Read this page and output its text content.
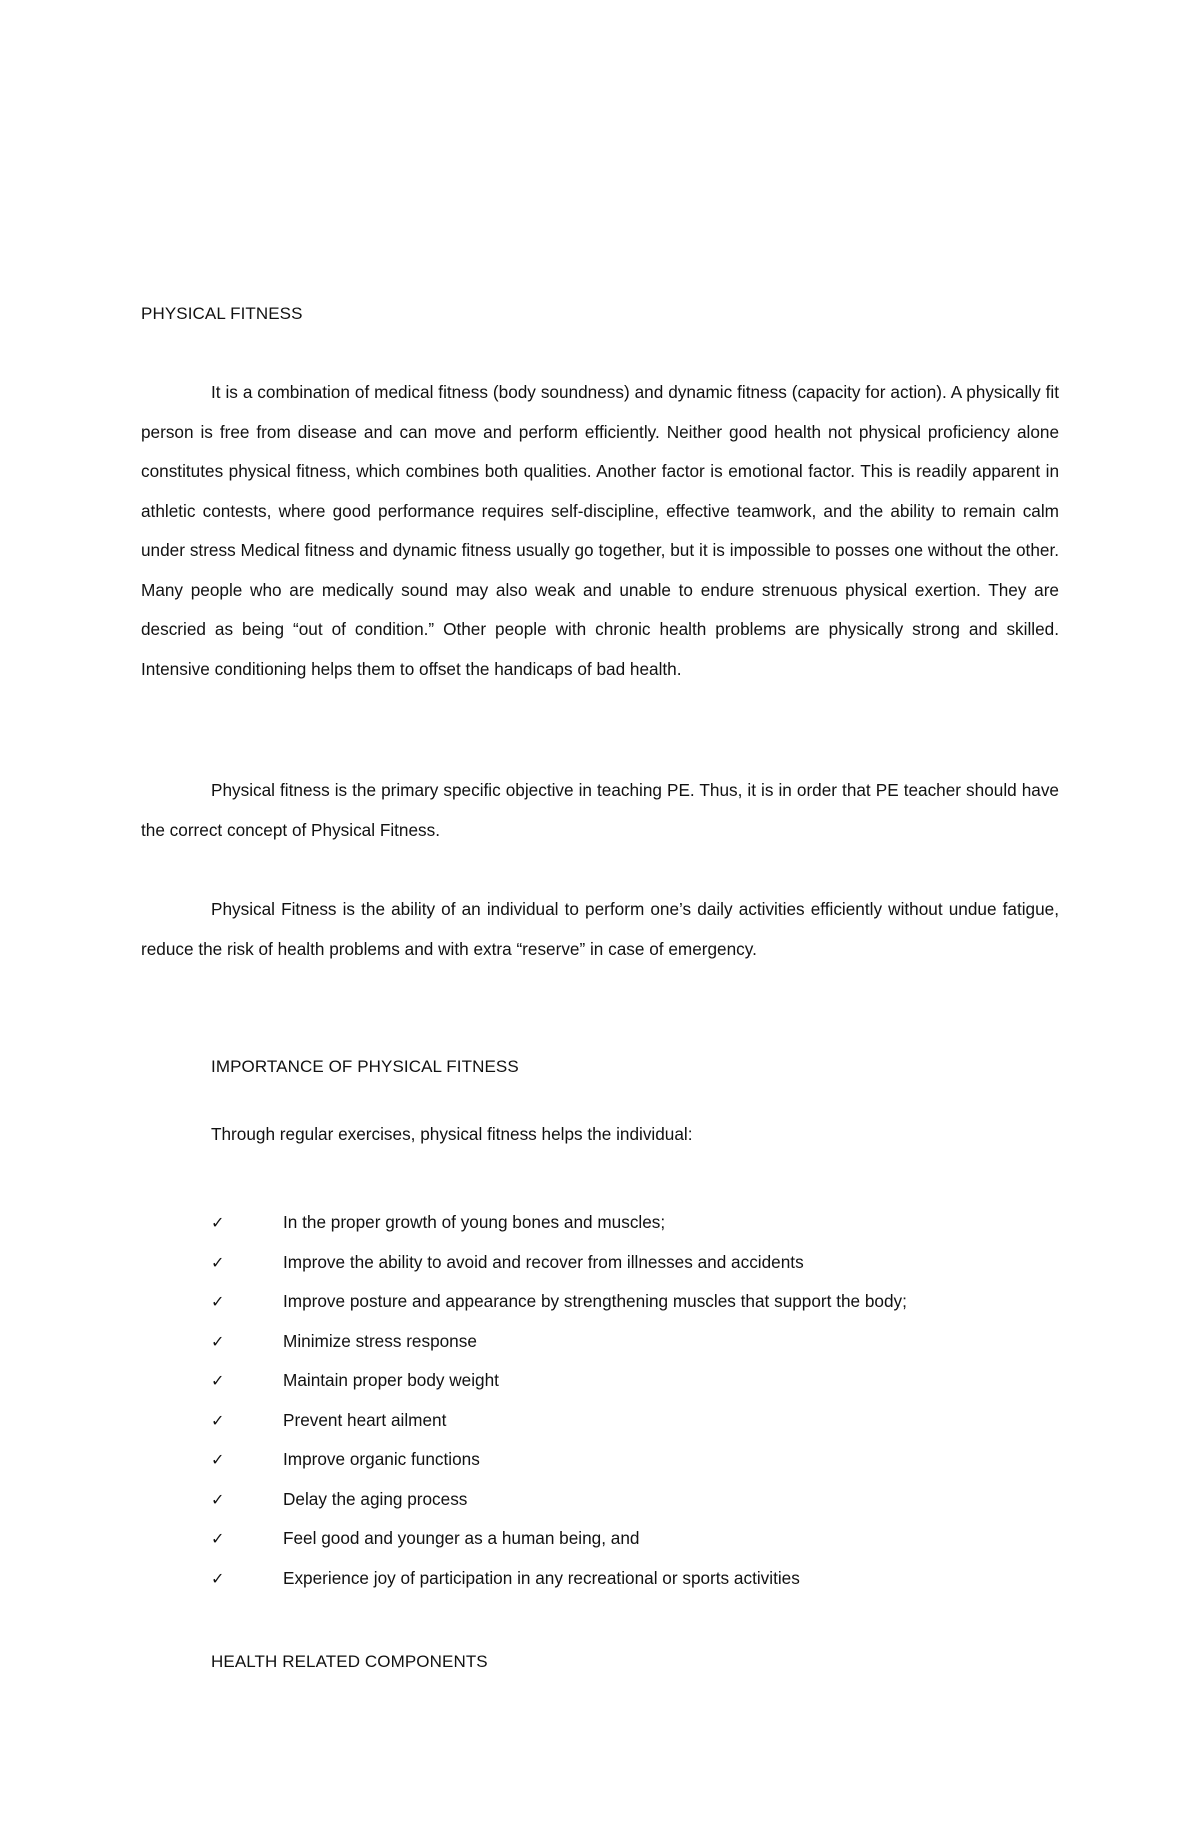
PHYSICAL FITNESS

It is a combination of medical fitness (body soundness) and dynamic fitness (capacity for action). A physically fit person is free from disease and can move and perform efficiently. Neither good health not physical proficiency alone constitutes physical fitness, which combines both qualities. Another factor is emotional factor. This is readily apparent in athletic contests, where good performance requires self-discipline, effective teamwork, and the ability to remain calm under stress Medical fitness and dynamic fitness usually go together, but it is impossible to posses one without the other. Many people who are medically sound may also weak and unable to endure strenuous physical exertion. They are descried as being “out of condition.” Other people with chronic health problems are physically strong and skilled. Intensive conditioning helps them to offset the handicaps of bad health.

Physical fitness is the primary specific objective in teaching PE. Thus, it is in order that PE teacher should have the correct concept of Physical Fitness.

Physical Fitness is the ability of an individual to perform one’s daily activities efficiently without undue fatigue, reduce the risk of health problems and with extra “reserve” in case of emergency.

IMPORTANCE OF PHYSICAL FITNESS

Through regular exercises, physical fitness helps the individual:

✓	In the proper growth of young bones and muscles;
✓	Improve the ability to avoid and recover from illnesses and accidents
✓	Improve posture and appearance by strengthening muscles that support the body;
✓	Minimize stress response
✓	Maintain proper body weight
✓	Prevent heart ailment
✓	Improve organic functions
✓	Delay the aging process
✓	Feel good and younger as a human being, and
✓	Experience joy of participation in any recreational or sports activities
HEALTH RELATED COMPONENTS
